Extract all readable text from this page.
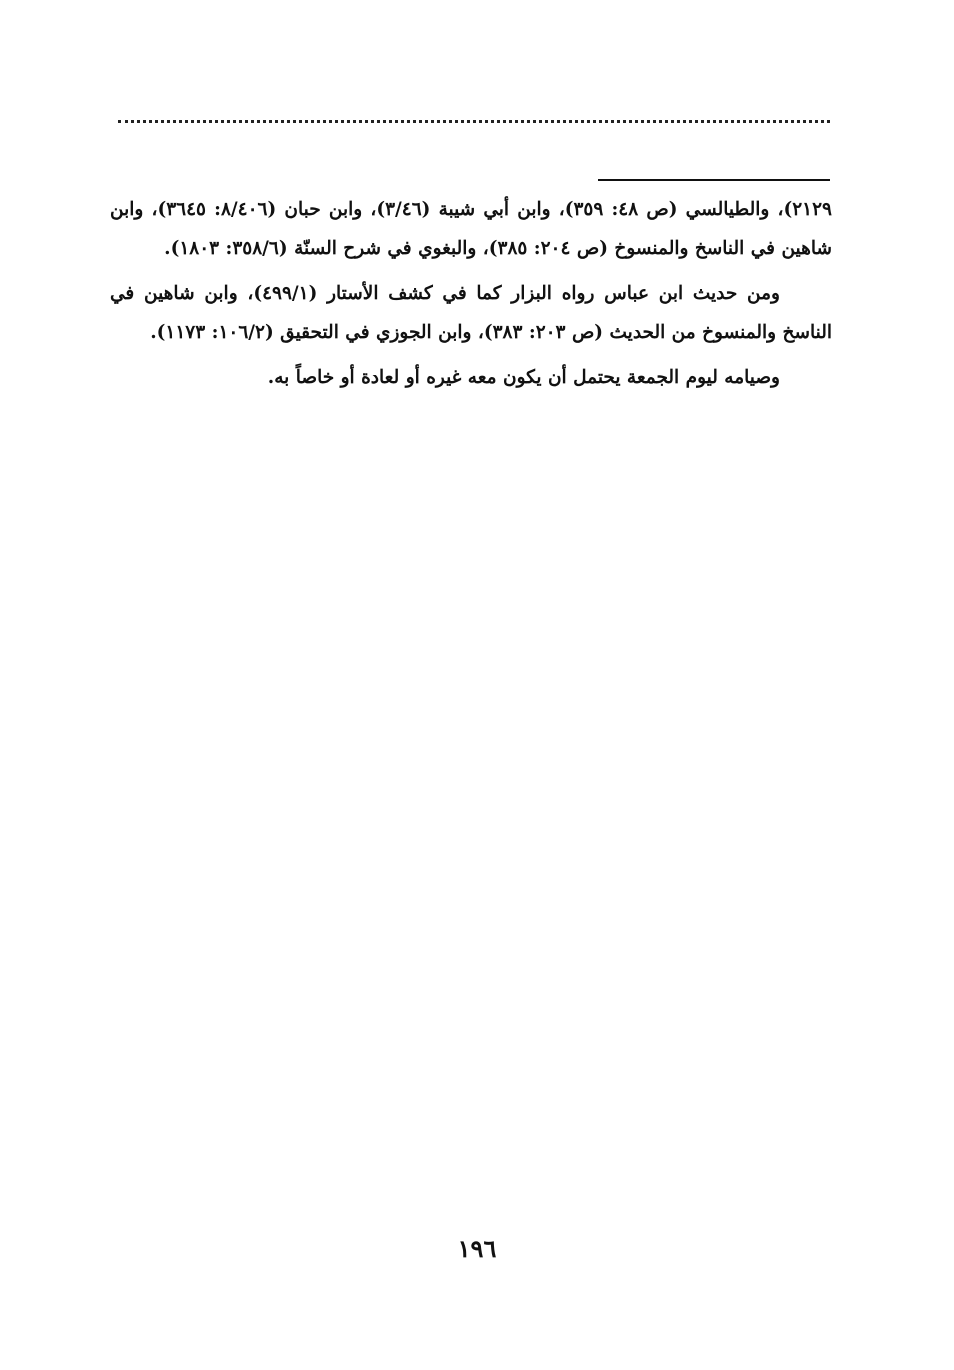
٢١٢٩)، والطيالسي (ص ٤٨: ٣٥٩)، وابن أبي شيبة (٣/٤٦)، وابن حبان (٨/٤٠٦: ٣٦٤٥)، وابن شاهين في الناسخ والمنسوخ (ص ٢٠٤: ٣٨٥)، والبغوي في شرح السنّة (٣٥٨/٦: ١٨٠٣).

ومن حديث ابن عباس رواه البزار كما في كشف الأستار (٤٩٩/١)، وابن شاهين في الناسخ والمنسوخ من الحديث (ص ٢٠٣: ٣٨٣)، وابن الجوزي في التحقيق (١٠٦/٢: ١١٧٣).

وصيامه ليوم الجمعة يحتمل أن يكون معه غيره أو لعادة أو خاصاً به.

١٩٦
